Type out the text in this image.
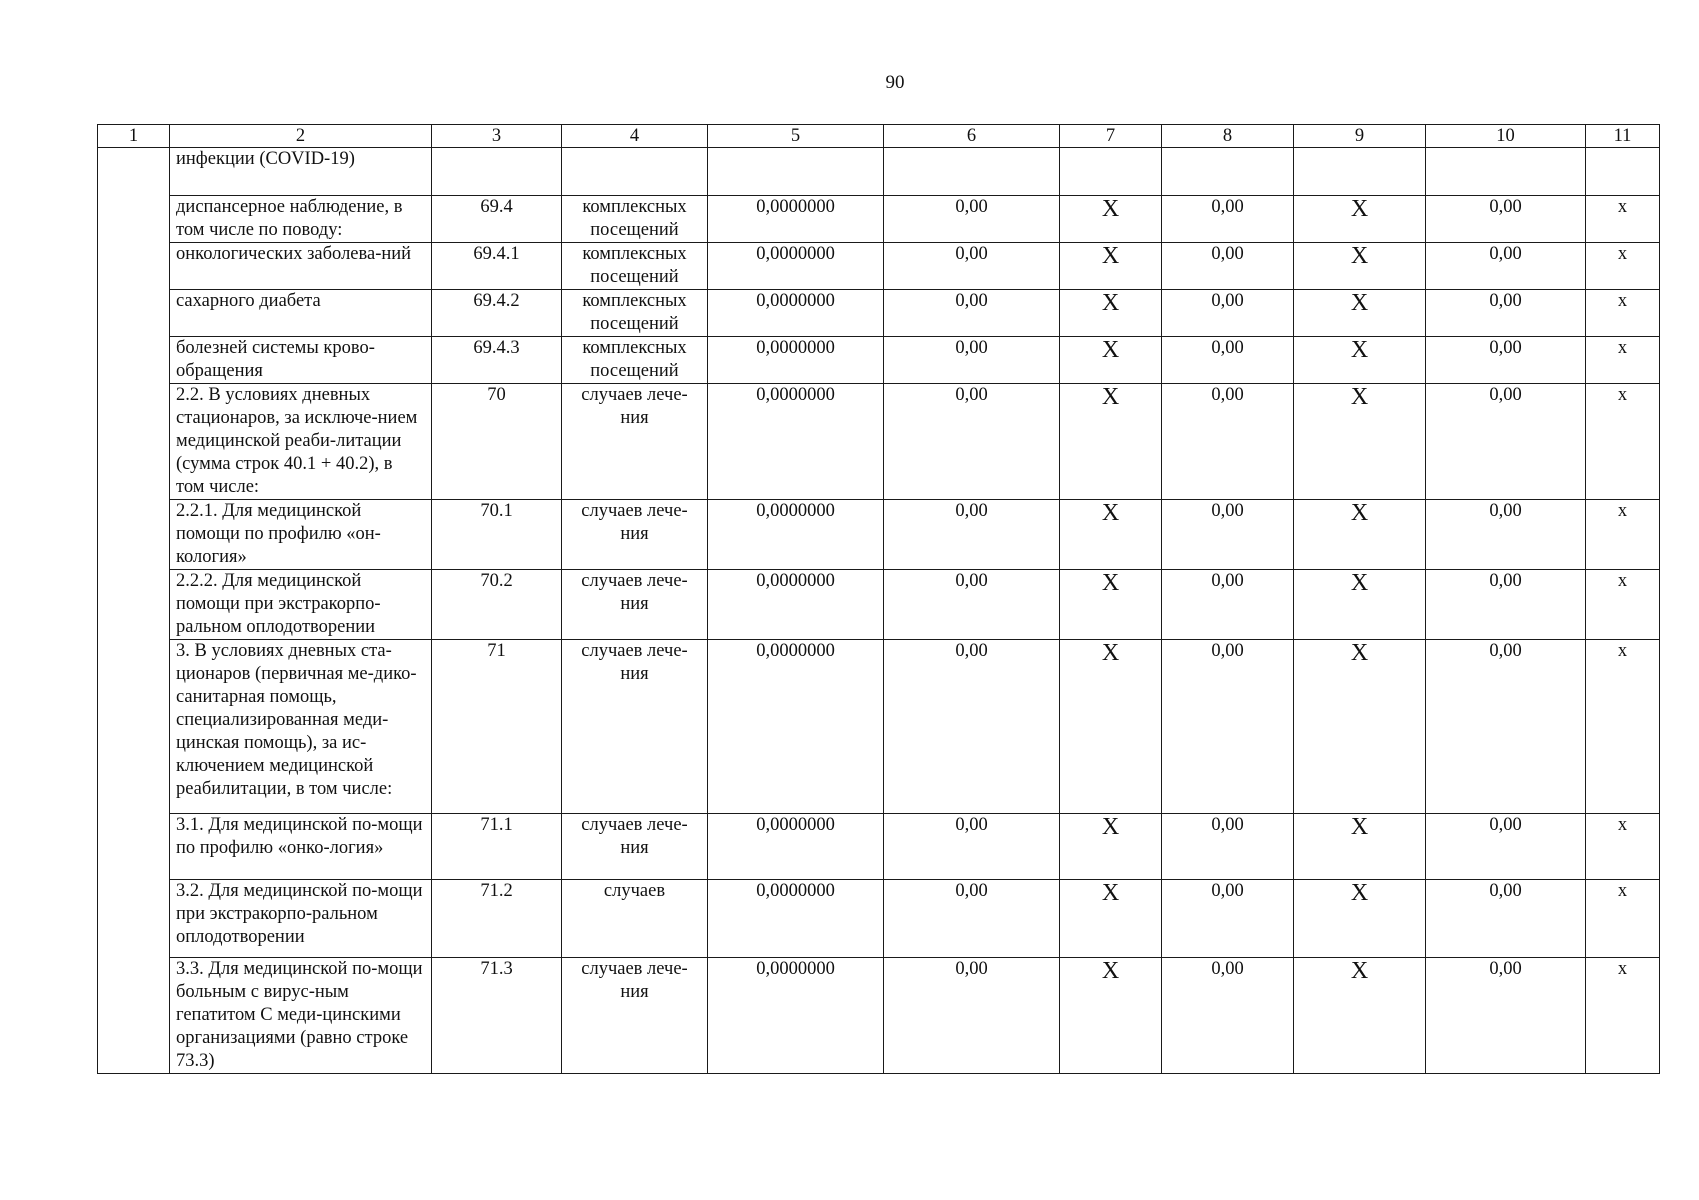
90
1	2	3	4	5	6	7	8	9	10	11
	инфекции (COVID-19)									
	диспансерное наблюдение, в том числе по поводу:	69.4	комплексных посещений	0,0000000	0,00	X	0,00	X	0,00	x
	онкологических заболева-ний	69.4.1	комплексных посещений	0,0000000	0,00	X	0,00	X	0,00	x
	сахарного диабета	69.4.2	комплексных посещений	0,0000000	0,00	X	0,00	X	0,00	x
	болезней системы крово-обращения	69.4.3	комплексных посещений	0,0000000	0,00	X	0,00	X	0,00	x
	2.2. В условиях дневных стационаров, за исключе-нием медицинской реаби-литации (сумма строк 40.1 + 40.2), в том числе:	70	случаев лече-ния	0,0000000	0,00	X	0,00	X	0,00	x
	2.2.1. Для медицинской помощи по профилю «он-кология»	70.1	случаев лече-ния	0,0000000	0,00	X	0,00	X	0,00	x
	2.2.2. Для медицинской помощи при экстракорпо-ральном оплодотворении	70.2	случаев лече-ния	0,0000000	0,00	X	0,00	X	0,00	x
	3. В условиях дневных ста-ционаров (первичная ме-дико-санитарная помощь, специализированная меди-цинская помощь), за ис-ключением медицинской реабилитации, в том числе:	71	случаев лече-ния	0,0000000	0,00	X	0,00	X	0,00	x
	3.1. Для медицинской по-мощи по профилю «онко-логия»	71.1	случаев лече-ния	0,0000000	0,00	X	0,00	X	0,00	x
	3.2. Для медицинской по-мощи при экстракорпо-ральном оплодотворении	71.2	случаев	0,0000000	0,00	X	0,00	X	0,00	x
	3.3. Для медицинской по-мощи больным с вирус-ным гепатитом С меди-цинскими организациями (равно строке 73.3)	71.3	случаев лече-ния	0,0000000	0,00	X	0,00	X	0,00	x
